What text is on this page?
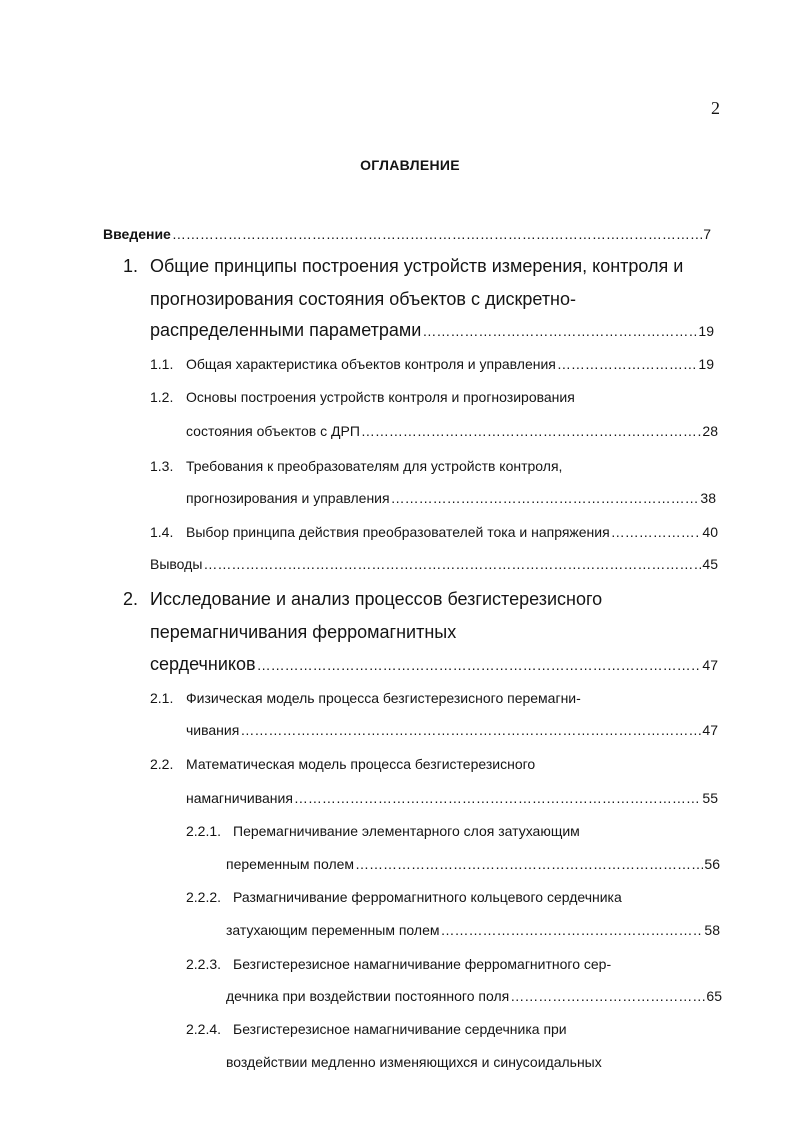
2
ОГЛАВЛЕНИЕ
Введение …………………………………………………………………………………………………………………………………………………………………………	7
1. Общие принципы построения устройств измерения, контроля и
прогнозирования состояния объектов с дискретно-
распределенными параметрами …………………………………………………………………………………………………………………………………………………………………………	19
1.1. Общая характеристика объектов контроля и управления …………………………………………………………………………………………………………………………………………………………………………	19
1.2. Основы построения устройств контроля и прогнозирования
состояния объектов с ДРП …………………………………………………………………………………………………………………………………………………………………………	28
1.3. Требования к преобразователям для устройств контроля,
прогнозирования и управления …………………………………………………………………………………………………………………………………………………………………………	38
1.4. Выбор принципа действия преобразователей тока и напряжения …………………………………………………………………………………………………………………………………………………………………………	40
Выводы …………………………………………………………………………………………………………………………………………………………………………	45
2. Исследование и анализ процессов безгистерезисного
перемагничивания ферромагнитных
сердечников …………………………………………………………………………………………………………………………………………………………………………	47
2.1. Физическая модель процесса безгистерезисного перемагни-
чивания …………………………………………………………………………………………………………………………………………………………………………	47
2.2. Математическая модель процесса безгистерезисного
намагничивания …………………………………………………………………………………………………………………………………………………………………………	55
2.2.1. Перемагничивание элементарного слоя затухающим
переменным полем …………………………………………………………………………………………………………………………………………………………………………	56
2.2.2. Размагничивание ферромагнитного кольцевого сердечника
затухающим переменным полем …………………………………………………………………………………………………………………………………………………………………………	58
2.2.3. Безгистерезисное намагничивание ферромагнитного сер-
дечника при воздействии постоянного поля …………………………………………………………………………………………………………………………………………………………………………	65
2.2.4. Безгистерезисное намагничивание сердечника при
воздействии медленно изменяющихся и синусоидальных
